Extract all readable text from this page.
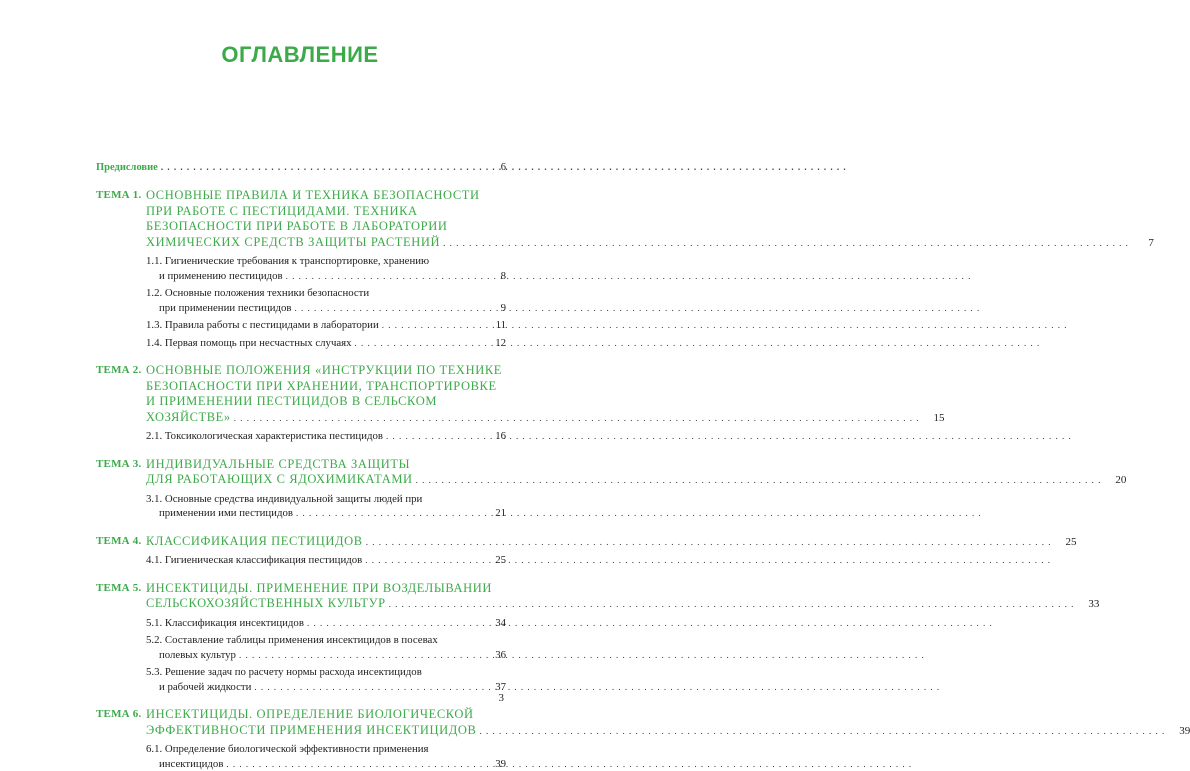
ОГЛАВЛЕНИЕ
Предисловие . . .	6
ТЕМА 1. ОСНОВНЫЕ ПРАВИЛА И ТЕХНИКА БЕЗОПАСНОСТИ
ПРИ РАБОТЕ С ПЕСТИЦИДАМИ. ТЕХНИКА
БЕЗОПАСНОСТИ ПРИ РАБОТЕ В ЛАБОРАТОРИИ
ХИМИЧЕСКИХ СРЕДСТВ ЗАЩИТЫ РАСТЕНИЙ . . .	7
1.1. Гигиенические требования к транспортировке, хранению
и применению пестицидов . . .	8
1.2. Основные положения техники безопасности
при применении пестицидов . . .	9
1.3. Правила работы с пестицидами в лаборатории . . .	11
1.4. Первая помощь при несчастных случаях . . .	12
ТЕМА 2. ОСНОВНЫЕ ПОЛОЖЕНИЯ «ИНСТРУКЦИИ ПО ТЕХНИКЕ
БЕЗОПАСНОСТИ ПРИ ХРАНЕНИИ, ТРАНСПОРТИРОВКЕ
И ПРИМЕНЕНИИ ПЕСТИЦИДОВ В СЕЛЬСКОМ
ХОЗЯЙСТВЕ» . . .	15
2.1. Токсикологическая характеристика пестицидов . . .	16
ТЕМА 3. ИНДИВИДУАЛЬНЫЕ СРЕДСТВА ЗАЩИТЫ
ДЛЯ РАБОТАЮЩИХ С ЯДОХИМИКАТАМИ . . .	20
3.1. Основные средства индивидуальной защиты людей при
применении ими пестицидов . . .	21
ТЕМА 4. КЛАССИФИКАЦИЯ ПЕСТИЦИДОВ . . .	25
4.1. Гигиеническая классификация пестицидов . . .	25
ТЕМА 5. ИНСЕКТИЦИДЫ. ПРИМЕНЕНИЕ ПРИ ВОЗДЕЛЫВАНИИ
СЕЛЬСКОХОЗЯЙСТВЕННЫХ КУЛЬТУР . . .	33
5.1. Классификация инсектицидов . . .	34
5.2. Составление таблицы применения инсектицидов в посевах
полевых культур . . .	36
5.3. Решение задач по расчету нормы расхода инсектицидов
и рабочей жидкости . . .	37
ТЕМА 6. ИНСЕКТИЦИДЫ. ОПРЕДЕЛЕНИЕ БИОЛОГИЧЕСКОЙ
ЭФФЕКТИВНОСТИ ПРИМЕНЕНИЯ ИНСЕКТИЦИДОВ . . .	39
6.1. Определение биологической эффективности применения
инсектицидов . . .	39
3
